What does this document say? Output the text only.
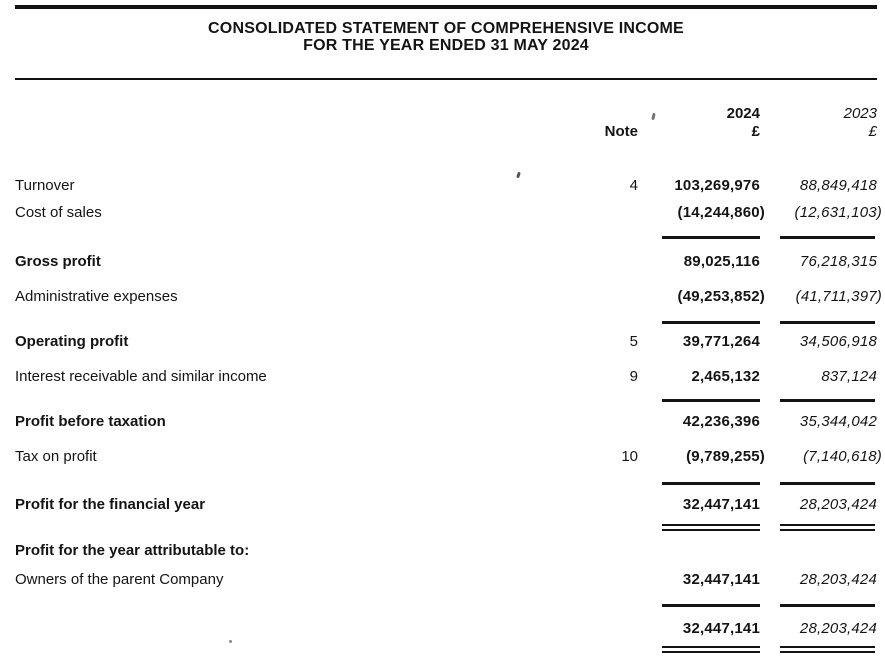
CONSOLIDATED STATEMENT OF COMPREHENSIVE INCOME
FOR THE YEAR ENDED 31 MAY 2024
Note
2024
£
2023
£
Turnover	4	103,269,976	88,849,418
Cost of sales	(14,244,860)	(12,631,103)
Gross profit	89,025,116	76,218,315
Administrative expenses	(49,253,852)	(41,711,397)
Operating profit	5	39,771,264	34,506,918
Interest receivable and similar income	9	2,465,132	837,124
Profit before taxation	42,236,396	35,344,042
Tax on profit	10	(9,789,255)	(7,140,618)
Profit for the financial year	32,447,141	28,203,424
Profit for the year attributable to:
Owners of the parent Company	32,447,141	28,203,424
32,447,141	28,203,424
